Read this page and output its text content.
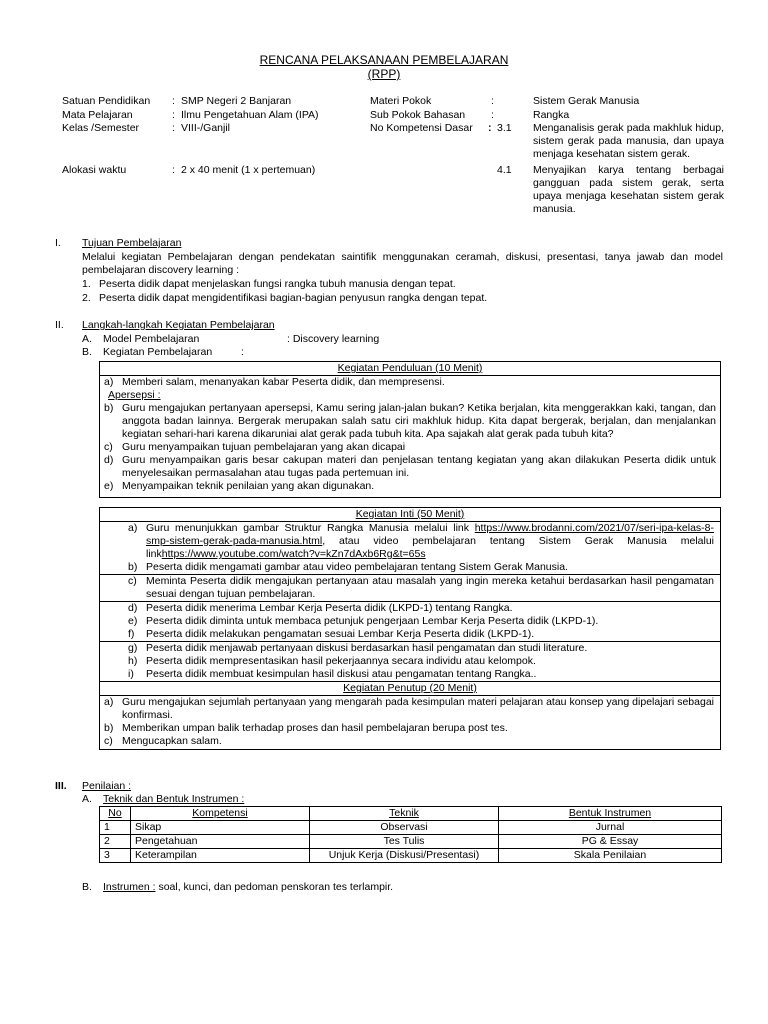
RENCANA PELAKSANAAN PEMBELAJARAN
(RPP)
Satuan Pendidikan : SMP Negeri 2 Banjaran
Mata Pelajaran	: Ilmu Pengetahuan Alam (IPA)
Kelas /Semester	: VIII-/Ganjil
Alokasi waktu	: 2 x 40 menit (1 x pertemuan)
Materi Pokok	:	Sistem Gerak Manusia
Sub Pokok Bahasan :	Rangka
No Kompetensi Dasar : 3.1 Menganalisis gerak pada makhluk hidup, sistem gerak pada manusia, dan upaya menjaga kesehatan sistem gerak.
4.1 Menyajikan karya tentang berbagai gangguan pada sistem gerak, serta upaya menjaga kesehatan sistem gerak manusia.
I. Tujuan Pembelajaran
Melalui kegiatan Pembelajaran dengan pendekatan saintifik menggunakan ceramah, diskusi, presentasi, tanya jawab dan model pembelajaran discovery learning :
1. Peserta didik dapat menjelaskan fungsi rangka tubuh manusia dengan tepat.
2. Peserta didik dapat mengidentifikasi bagian-bagian penyusun rangka dengan tepat.
II. Langkah-langkah Kegiatan Pembelajaran
A. Model Pembelajaran	: Discovery learning
B. Kegiatan Pembelajaran	:
Kegiatan Penduluan (10 Menit)
a) Memberi salam, menanyakan kabar Peserta didik, dan mempresensi.
Apersepsi :
b) Guru mengajukan pertanyaan apersepsi, Kamu sering jalan-jalan bukan? Ketika berjalan, kita menggerakkan kaki, tangan, dan anggota badan lainnya. Bergerak merupakan salah satu ciri makhluk hidup. Kita dapat bergerak, berjalan, dan menjalankan kegiatan sehari-hari karena dikaruniai alat gerak pada tubuh kita. Apa sajakah alat gerak pada tubuh kita?
c) Guru menyampaikan tujuan pembelajaran yang akan dicapai
d) Guru menyampaikan garis besar cakupan materi dan penjelasan tentang kegiatan yang akan dilakukan Peserta didik untuk menyelesaikan permasalahan atau tugas pada pertemuan ini.
e) Menyampaikan teknik penilaian yang akan digunakan.
Kegiatan Inti (50 Menit)
a) Guru menunjukkan gambar Struktur Rangka Manusia melalui link https://www.brodanni.com/2021/07/seri-ipa-kelas-8-smp-sistem-gerak-pada-manusia.html, atau video pembelajaran tentang Sistem Gerak Manusia melalui linkhttps://www.youtube.com/watch?v=kZn7dAxb6Rg&t=65s
b) Peserta didik mengamati gambar atau video pembelajaran tentang Sistem Gerak Manusia.
c) Meminta Peserta didik mengajukan pertanyaan atau masalah yang ingin mereka ketahui berdasarkan hasil pengamatan sesuai dengan tujuan pembelajaran.
d) Peserta didik menerima Lembar Kerja Peserta didik (LKPD-1) tentang Rangka.
e) Peserta didik diminta untuk membaca petunjuk pengerjaan Lembar Kerja Peserta didik (LKPD-1).
f) Peserta didik melakukan pengamatan sesuai Lembar Kerja Peserta didik (LKPD-1).
g) Peserta didik menjawab pertanyaan diskusi berdasarkan hasil pengamatan dan studi literature.
h) Peserta didik mempresentasikan hasil pekerjaannya secara individu atau kelompok.
i) Peserta didik membuat kesimpulan hasil diskusi atau pengamatan tentang Rangka..
Kegiatan Penutup (20 Menit)
a) Guru mengajukan sejumlah pertanyaan yang mengarah pada kesimpulan materi pelajaran atau konsep yang dipelajari sebagai konfirmasi.
b) Memberikan umpan balik terhadap proses dan hasil pembelajaran berupa post tes.
c) Mengucapkan salam.
III. Penilaian :
A. Teknik dan Bentuk Instrumen :
No	Kompetensi	Teknik	Bentuk Instrumen
1	Sikap	Observasi	Jurnal
2	Pengetahuan	Tes Tulis	PG & Essay
3	Keterampilan	Unjuk Kerja (Diskusi/Presentasi)	Skala Penilaian
B. Instrumen : soal, kunci, dan pedoman penskoran tes terlampir.
